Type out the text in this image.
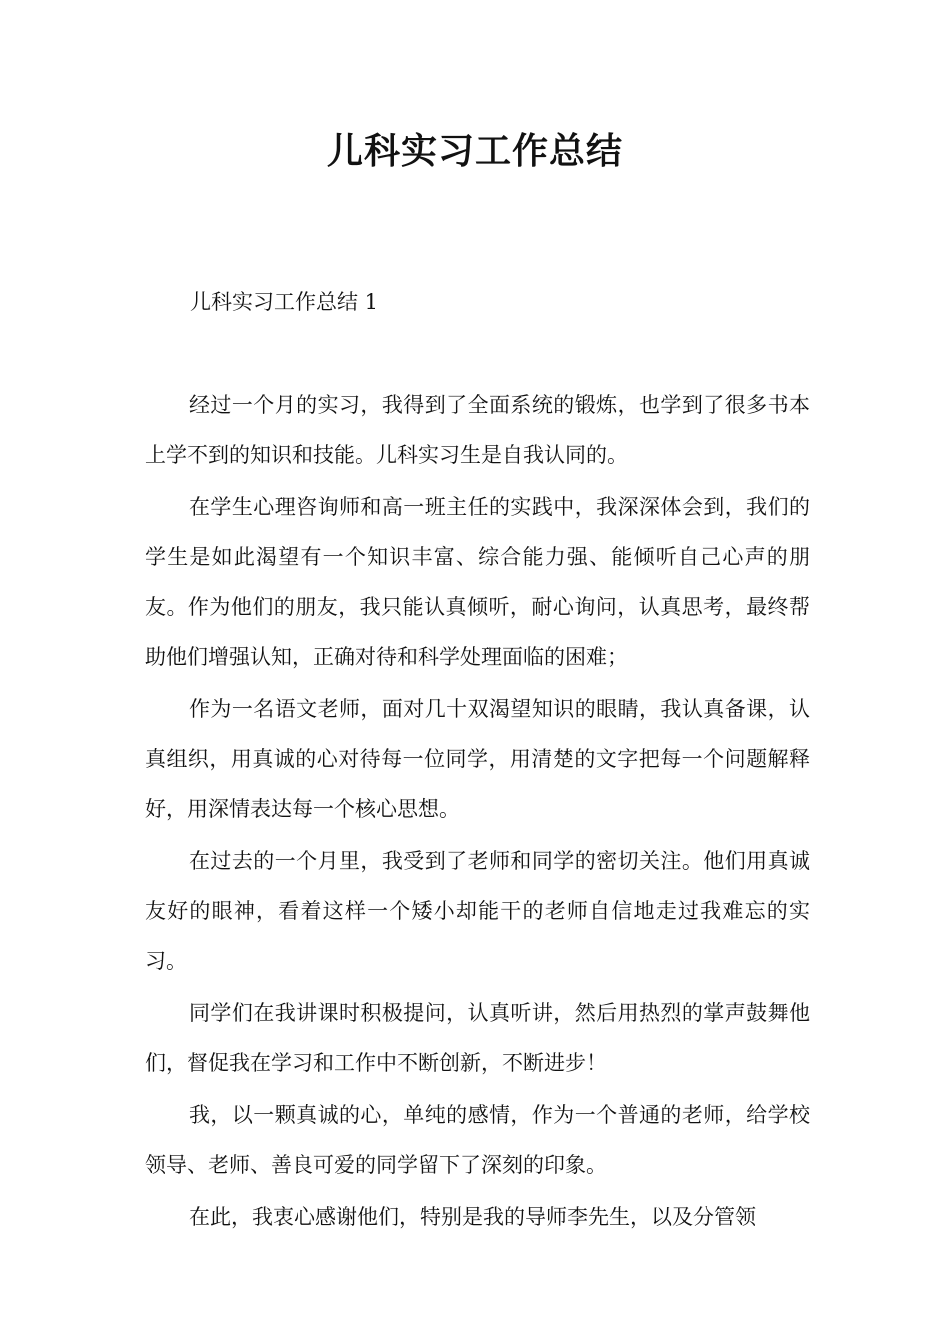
儿科实习工作总结

儿科实习工作总结 1

经过一个月的实习，我得到了全面系统的锻炼，也学到了很多书本上学不到的知识和技能。儿科实习生是自我认同的。

在学生心理咨询师和高一班主任的实践中，我深深体会到，我们的学生是如此渴望有一个知识丰富、综合能力强、能倾听自己心声的朋友。作为他们的朋友，我只能认真倾听，耐心询问，认真思考，最终帮助他们增强认知，正确对待和科学处理面临的困难；

作为一名语文老师，面对几十双渴望知识的眼睛，我认真备课，认真组织，用真诚的心对待每一位同学，用清楚的文字把每一个问题解释好，用深情表达每一个核心思想。

在过去的一个月里，我受到了老师和同学的密切关注。他们用真诚友好的眼神，看着这样一个矮小却能干的老师自信地走过我难忘的实习。

同学们在我讲课时积极提问，认真听讲，然后用热烈的掌声鼓舞他们，督促我在学习和工作中不断创新，不断进步！

我，以一颗真诚的心，单纯的感情，作为一个普通的老师，给学校领导、老师、善良可爱的同学留下了深刻的印象。

在此，我衷心感谢他们，特别是我的导师李先生，以及分管领
